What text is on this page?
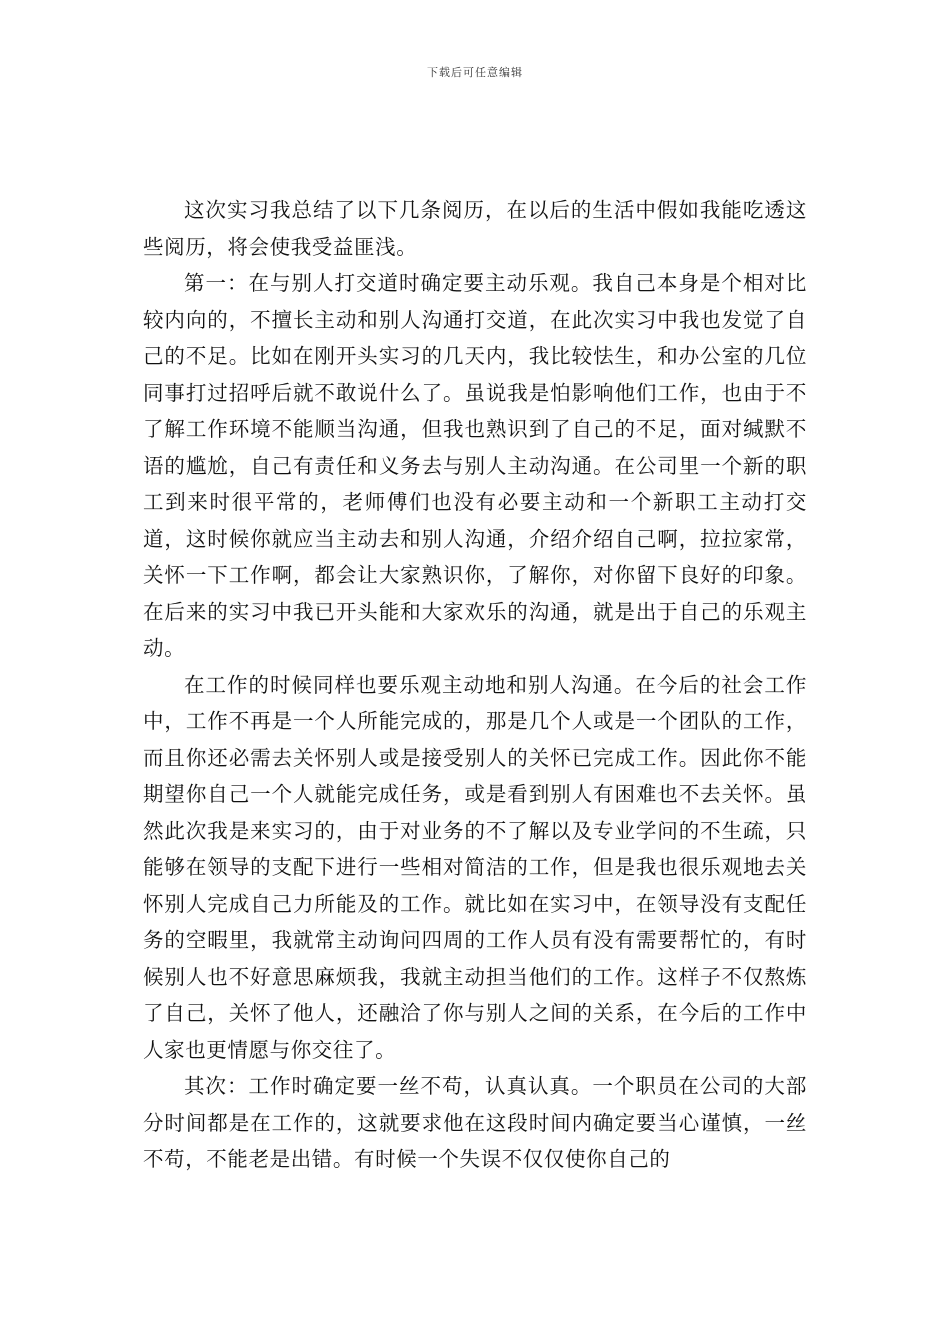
下载后可任意编辑

这次实习我总结了以下几条阅历，在以后的生活中假如我能吃透这些阅历，将会使我受益匪浅。

第一：在与别人打交道时确定要主动乐观。我自己本身是个相对比较内向的，不擅长主动和别人沟通打交道，在此次实习中我也发觉了自己的不足。比如在刚开头实习的几天内，我比较怯生，和办公室的几位同事打过招呼后就不敢说什么了。虽说我是怕影响他们工作，也由于不了解工作环境不能顺当沟通，但我也熟识到了自己的不足，面对缄默不语的尴尬，自己有责任和义务去与别人主动沟通。在公司里一个新的职工到来时很平常的，老师傅们也没有必要主动和一个新职工主动打交道，这时候你就应当主动去和别人沟通，介绍介绍自己啊，拉拉家常，关怀一下工作啊，都会让大家熟识你，了解你，对你留下良好的印象。在后来的实习中我已开头能和大家欢乐的沟通，就是出于自己的乐观主动。

在工作的时候同样也要乐观主动地和别人沟通。在今后的社会工作中，工作不再是一个人所能完成的，那是几个人或是一个团队的工作，而且你还必需去关怀别人或是接受别人的关怀已完成工作。因此你不能期望你自己一个人就能完成任务，或是看到别人有困难也不去关怀。虽然此次我是来实习的，由于对业务的不了解以及专业学问的不生疏，只能够在领导的支配下进行一些相对简洁的工作，但是我也很乐观地去关怀别人完成自己力所能及的工作。就比如在实习中，在领导没有支配任务的空暇里，我就常主动询问四周的工作人员有没有需要帮忙的，有时候别人也不好意思麻烦我，我就主动担当他们的工作。这样子不仅熬炼了自己，关怀了他人，还融洽了你与别人之间的关系，在今后的工作中人家也更情愿与你交往了。

其次：工作时确定要一丝不苟，认真认真。一个职员在公司的大部分时间都是在工作的，这就要求他在这段时间内确定要当心谨慎，一丝不苟，不能老是出错。有时候一个失误不仅仅使你自己的
